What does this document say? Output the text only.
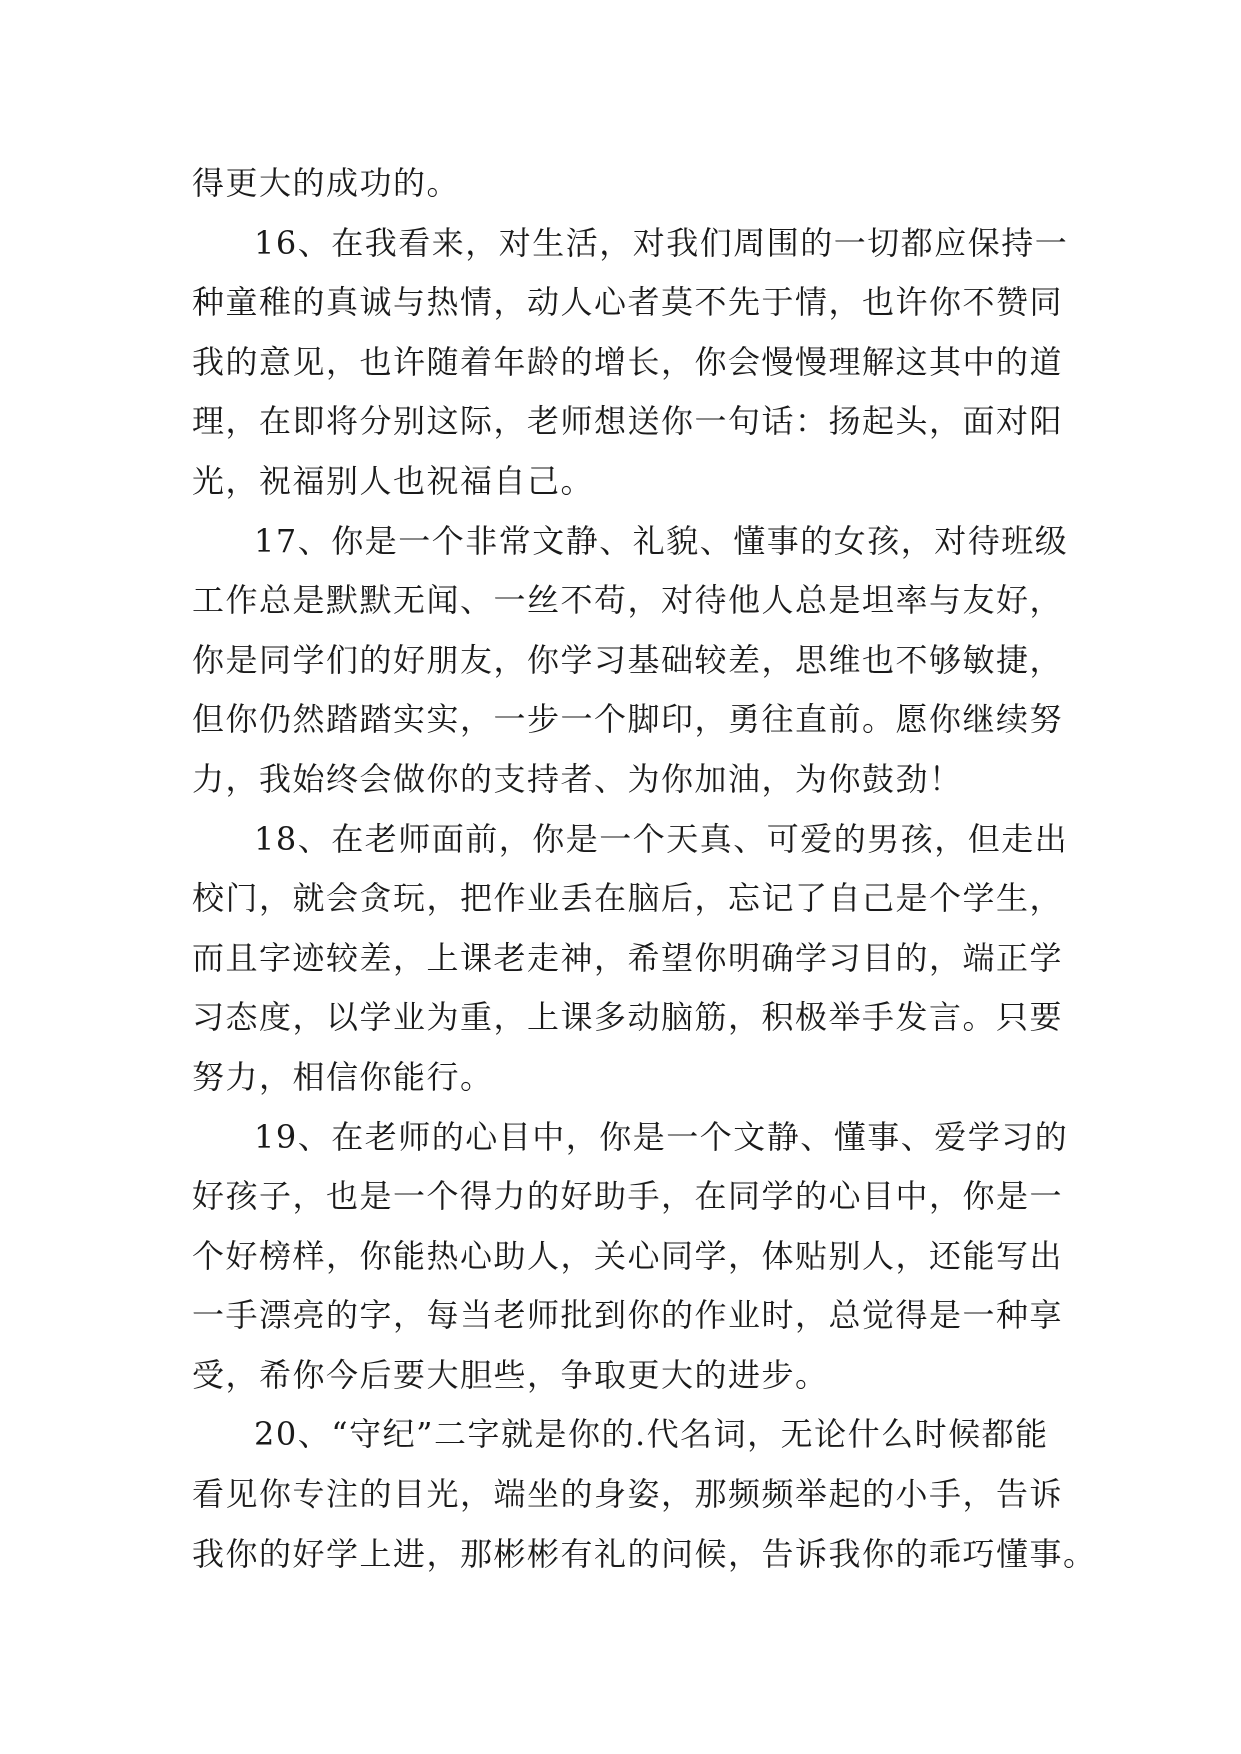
得更大的成功的。
16、在我看来，对生活，对我们周围的一切都应保持一
种童稚的真诚与热情，动人心者莫不先于情，也许你不赞同
我的意见，也许随着年龄的增长，你会慢慢理解这其中的道
理，在即将分别这际，老师想送你一句话：扬起头，面对阳
光，祝福别人也祝福自己。
17、你是一个非常文静、礼貌、懂事的女孩，对待班级
工作总是默默无闻、一丝不苟，对待他人总是坦率与友好，
你是同学们的好朋友，你学习基础较差，思维也不够敏捷，
但你仍然踏踏实实，一步一个脚印，勇往直前。愿你继续努
力，我始终会做你的支持者、为你加油，为你鼓劲！
18、在老师面前，你是一个天真、可爱的男孩，但走出
校门，就会贪玩，把作业丢在脑后，忘记了自己是个学生，
而且字迹较差，上课老走神，希望你明确学习目的，端正学
习态度，以学业为重，上课多动脑筋，积极举手发言。只要
努力，相信你能行。
19、在老师的心目中，你是一个文静、懂事、爱学习的
好孩子，也是一个得力的好助手，在同学的心目中，你是一
个好榜样，你能热心助人，关心同学，体贴别人，还能写出
一手漂亮的字，每当老师批到你的作业时，总觉得是一种享
受，希你今后要大胆些，争取更大的进步。
20、“守纪”二字就是你的.代名词，无论什么时候都能
看见你专注的目光，端坐的身姿，那频频举起的小手，告诉
我你的好学上进，那彬彬有礼的问候，告诉我你的乖巧懂事。
